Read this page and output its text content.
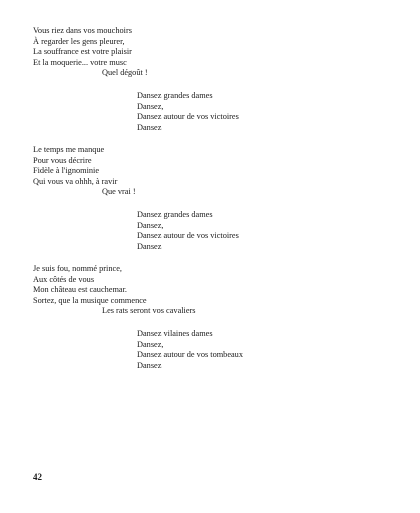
Vous riez dans vos mouchoirs
À regarder les gens pleurer,
La souffrance est votre plaisir
Et la moquerie... votre musc
Quel dégoût !
Dansez grandes dames
Dansez,
Dansez autour de vos victoires
Dansez
Le temps me manque
Pour vous décrire
Fidèle à l'ignominie
Qui vous va ohhh, à ravir
Que vrai !
Dansez grandes dames
Dansez,
Dansez autour de vos victoires
Dansez
Je suis fou, nommé prince,
Aux côtés de vous
Mon château est cauchemar.
Sortez, que la musique commence
Les rats seront vos cavaliers
Dansez vilaines dames
Dansez,
Dansez autour de vos tombeaux
Dansez
42
